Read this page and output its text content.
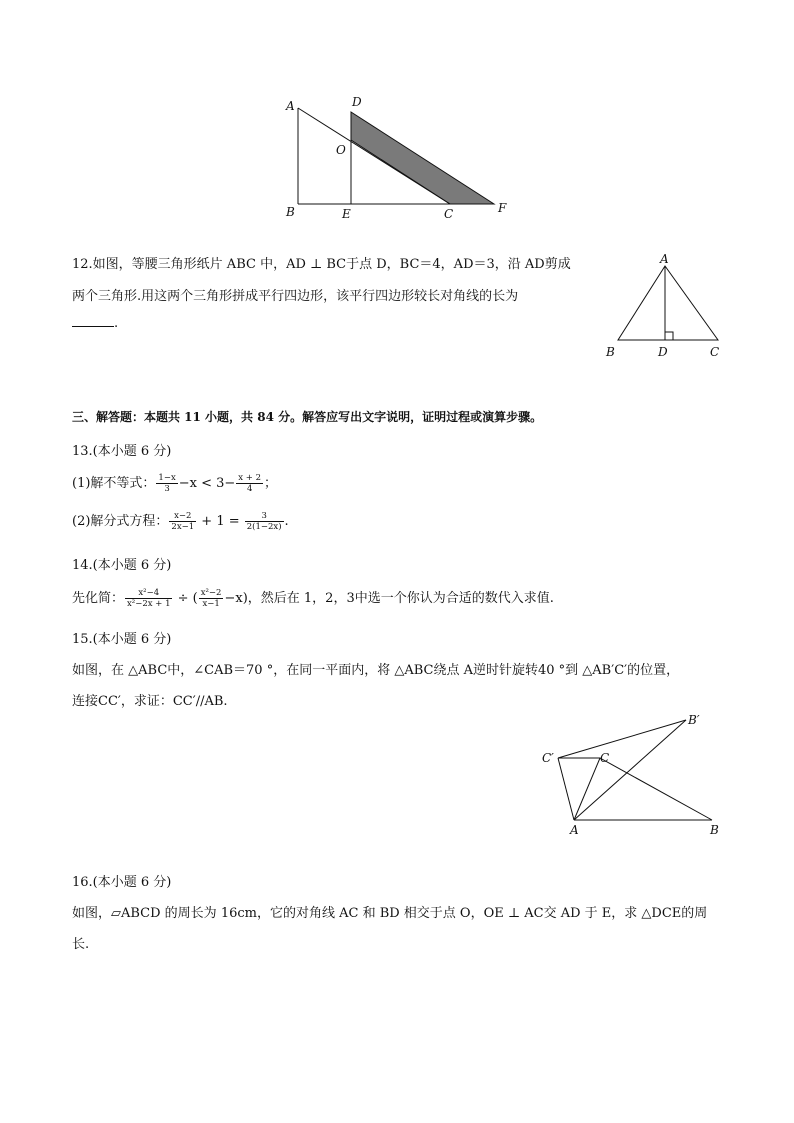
A	D
O
B	E	C	F
12.如图，等腰三角形纸片 ABC 中，AD ⊥ BC于点 D，BC＝4，AD＝3，沿 AD剪成
两个三角形.用这两个三角形拼成平行四边形，该平行四边形较长对角线的长为
.
A
B	D	C
三、解答题：本题共 11 小题，共 84 分。解答应写出文字说明，证明过程或演算步骤。
13.(本小题 6 分)
(1)解不等式： $\frac{1-x}{3} -x < 3- \frac{x + 2}{4}$ ；
(2)解分式方程： $\frac{x-2}{2x-1} + 1 = \frac{3}{2(1-2x)}$ .
14.(本小题 6 分)
先化简： $\frac{\text{x²−4}}{\text{x²−2x + 1}}$ ÷ ( $\frac{\text{x²−2}}{x-1} -x$)，然后在 1，2，3中选一个你认为合适的数代入求值.
15.(本小题 6 分)
如图，在 △ABC中，∠CAB＝70 °，在同一平面内，将 △ABC绕点 A逆时针旋转40 °到 △AB′C′的位置，
连接CC′，求证：CC′//AB.
B′
C′	C
A	B
16.(本小题 6 分)
如图，▱ABCD 的周长为 16cm，它的对角线 AC 和 BD 相交于点 O，OE ⊥ AC交 AD 于 E，求 △DCE的周
长.
